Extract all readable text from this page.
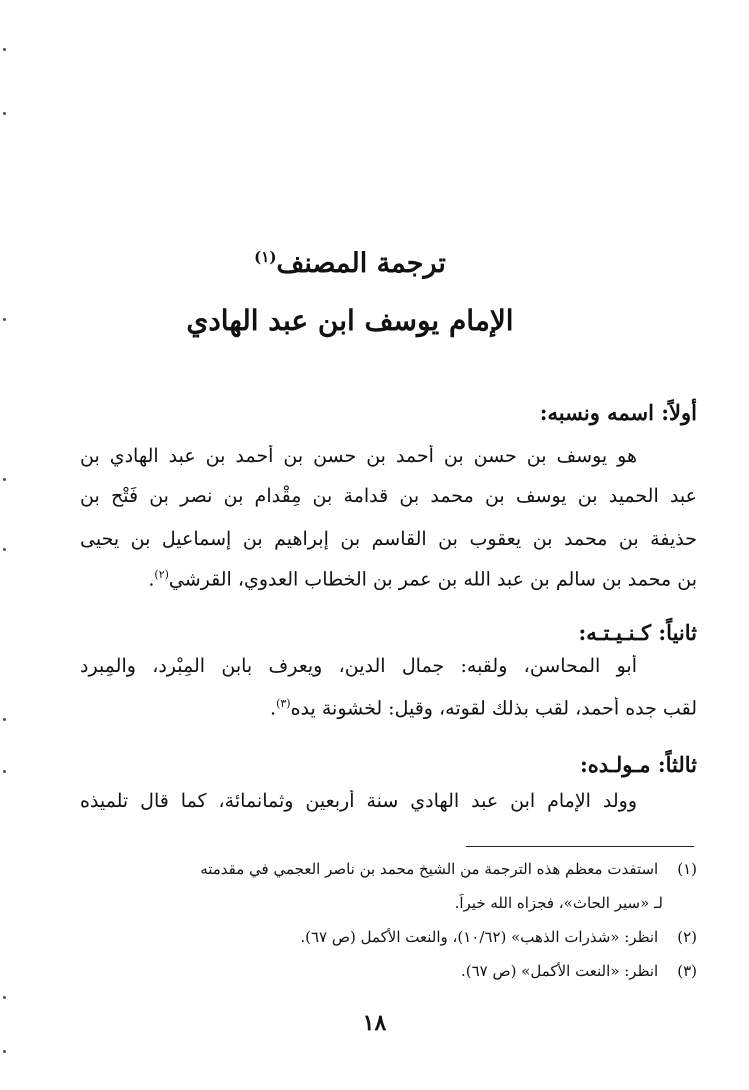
ترجمة المصنف$^{(١)}$
الإمام يوسف ابن عبد الهادي
أولاً: اسمه ونسبه:
هو يوسف بن حسن بن أحمد بن حسن بن أحمد بن عبد الهادي بن
عبد الحميد بن يوسف بن محمد بن قدامة بن مِقْدام بن نصر بن فَتْح بن
حذيفة بن محمد بن يعقوب بن القاسم بن إبراهيم بن إسماعيل بن يحيى
بن محمد بن سالم بن عبد الله بن عمر بن الخطاب العدوي، القرشي$^{(٢)}$.
ثانياً: كـنـيـتـه:
أبو المحاسن، ولقبه: جمال الدين، ويعرف بابن المِبْرد، والمِبرد
لقب جده أحمد، لقب بذلك لقوته، وقيل: لخشونة يده$^{(٣)}$.
ثالثاً: مـولـده:
وولد الإمام ابن عبد الهادي سنة أربعين وثمانمائة، كما قال تلميذه
(١) استفدت معظم هذه الترجمة من الشيخ محمد بن ناصر العجمي في مقدمته
لـ «سير الحاث»، فجزاه الله خيراً.
(٢) انظر: «شذرات الذهب» (١٠/٦٢)، والنعت الأكمل (ص ٦٧).
(٣) انظر: «النعت الأكمل» (ص ٦٧).
١٨
